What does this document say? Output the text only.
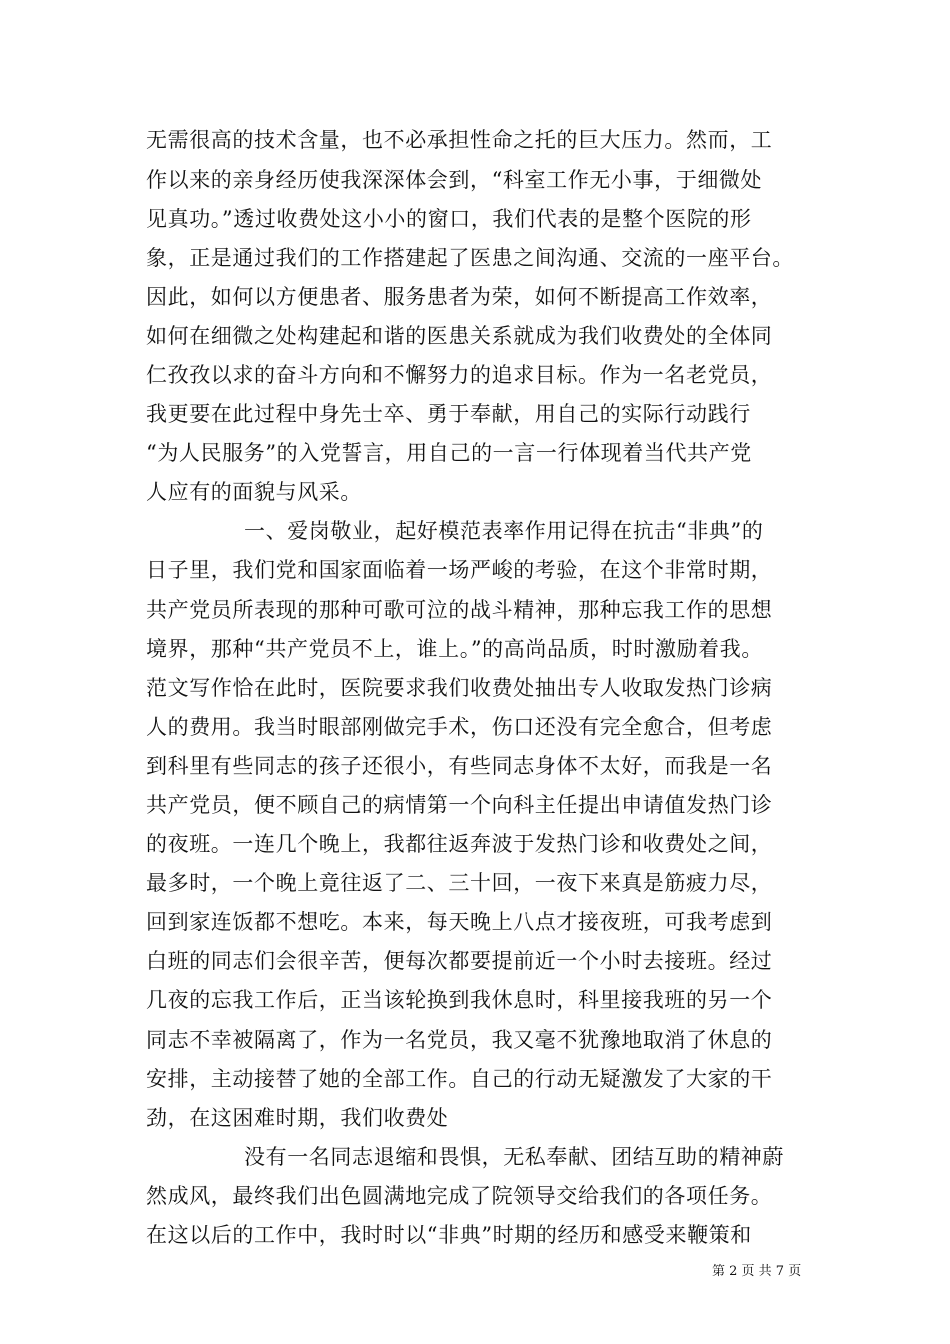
无需很高的技术含量，也不必承担性命之托的巨大压力。然而，工
作以来的亲身经历使我深深体会到，“科室工作无小事，于细微处
见真功。”透过收费处这小小的窗口，我们代表的是整个医院的形
象，正是通过我们的工作搭建起了医患之间沟通、交流的一座平台。
因此，如何以方便患者、服务患者为荣，如何不断提高工作效率，
如何在细微之处构建起和谐的医患关系就成为我们收费处的全体同
仁孜孜以求的奋斗方向和不懈努力的追求目标。作为一名老党员，
我更要在此过程中身先士卒、勇于奉献，用自己的实际行动践行
“为人民服务”的入党誓言，用自己的一言一行体现着当代共产党
人应有的面貌与风采。
一、爱岗敬业，起好模范表率作用记得在抗击“非典”的
日子里，我们党和国家面临着一场严峻的考验，在这个非常时期，
共产党员所表现的那种可歌可泣的战斗精神，那种忘我工作的思想
境界，那种“共产党员不上，谁上。”的高尚品质，时时激励着我。
范文写作恰在此时，医院要求我们收费处抽出专人收取发热门诊病
人的费用。我当时眼部刚做完手术，伤口还没有完全愈合，但考虑
到科里有些同志的孩子还很小，有些同志身体不太好，而我是一名
共产党员，便不顾自己的病情第一个向科主任提出申请值发热门诊
的夜班。一连几个晚上，我都往返奔波于发热门诊和收费处之间，
最多时，一个晚上竟往返了二、三十回，一夜下来真是筋疲力尽，
回到家连饭都不想吃。本来，每天晚上八点才接夜班，可我考虑到
白班的同志们会很辛苦，便每次都要提前近一个小时去接班。经过
几夜的忘我工作后，正当该轮换到我休息时，科里接我班的另一个
同志不幸被隔离了，作为一名党员，我又毫不犹豫地取消了休息的
安排，主动接替了她的全部工作。自己的行动无疑激发了大家的干
劲，在这困难时期，我们收费处
没有一名同志退缩和畏惧，无私奉献、团结互助的精神蔚
然成风，最终我们出色圆满地完成了院领导交给我们的各项任务。
在这以后的工作中，我时时以“非典”时期的经历和感受来鞭策和
第 2 页 共 7 页
